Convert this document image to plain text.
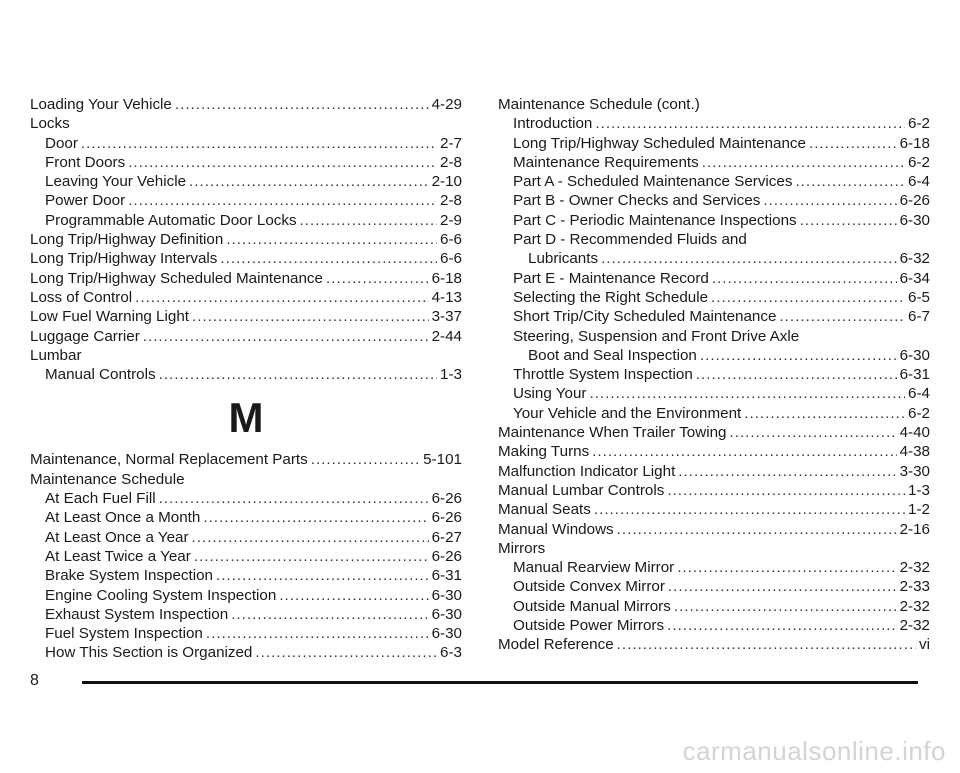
Loading Your Vehicle .....	4-29
Locks
Door .....	2-7
Front Doors .....	2-8
Leaving Your Vehicle .....	2-10
Power Door .....	2-8
Programmable Automatic Door Locks .....	2-9
Long Trip/Highway Definition .....	6-6
Long Trip/Highway Intervals .....	6-6
Long Trip/Highway Scheduled Maintenance .....	6-18
Loss of Control .....	4-13
Low Fuel Warning Light .....	3-37
Luggage Carrier .....	2-44
Lumbar
Manual Controls .....	1-3
M
Maintenance, Normal Replacement Parts .....	5-101
Maintenance Schedule
At Each Fuel Fill .....	6-26
At Least Once a Month .....	6-26
At Least Once a Year .....	6-27
At Least Twice a Year .....	6-26
Brake System Inspection .....	6-31
Engine Cooling System Inspection .....	6-30
Exhaust System Inspection .....	6-30
Fuel System Inspection .....	6-30
How This Section is Organized .....	6-3
Maintenance Schedule (cont.)
Introduction .....	6-2
Long Trip/Highway Scheduled Maintenance .....	6-18
Maintenance Requirements .....	6-2
Part A - Scheduled Maintenance Services .....	6-4
Part B - Owner Checks and Services .....	6-26
Part C - Periodic Maintenance Inspections .....	6-30
Part D - Recommended Fluids and
Lubricants .....	6-32
Part E - Maintenance Record .....	6-34
Selecting the Right Schedule .....	6-5
Short Trip/City Scheduled Maintenance .....	6-7
Steering, Suspension and Front Drive Axle
Boot and Seal Inspection .....	6-30
Throttle System Inspection .....	6-31
Using Your .....	6-4
Your Vehicle and the Environment .....	6-2
Maintenance When Trailer Towing .....	4-40
Making Turns .....	4-38
Malfunction Indicator Light .....	3-30
Manual Lumbar Controls .....	1-3
Manual Seats .....	1-2
Manual Windows .....	2-16
Mirrors
Manual Rearview Mirror .....	2-32
Outside Convex Mirror .....	2-33
Outside Manual Mirrors .....	2-32
Outside Power Mirrors .....	2-32
Model Reference .....	vi
8
carmanualsonline.info
